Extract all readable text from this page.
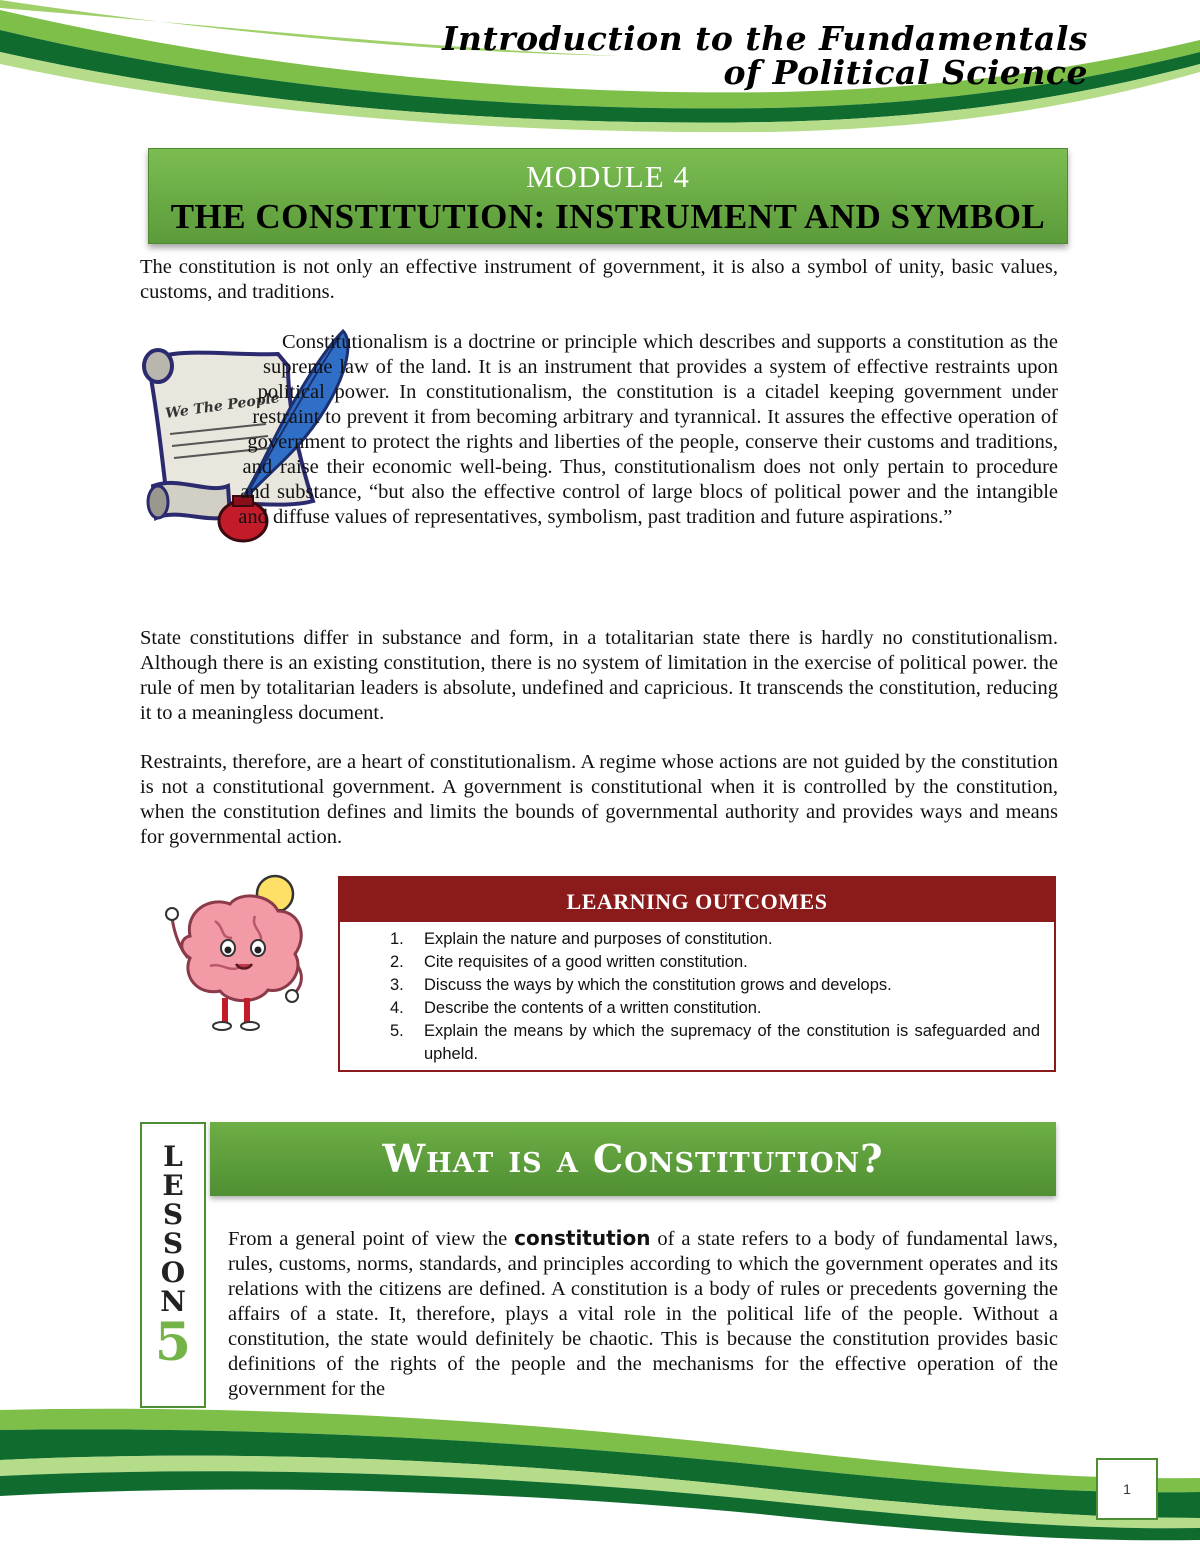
Introduction to the Fundamentals
of Political Science
MODULE 4
THE CONSTITUTION: INSTRUMENT AND SYMBOL
The constitution is not only an effective instrument of government, it is also a symbol of unity, basic values, customs, and traditions.
We The People
Constitutionalism is a doctrine or principle which describes and supports a constitution as the supreme law of the land. It is an instrument that provides a system of effective restraints upon political power. In constitutionalism, the constitution is a citadel keeping government under restraint to prevent it from becoming arbitrary and tyrannical. It assures the effective operation of government to protect the rights and liberties of the people, conserve their customs and traditions, and raise their economic well-being. Thus, constitutionalism does not only pertain to procedure and substance, “but also the effective control of large blocs of political power and the intangible and diffuse values of representatives, symbolism, past tradition and future aspirations.”
State constitutions differ in substance and form, in a totalitarian state there is hardly no constitutionalism. Although there is an existing constitution, there is no system of limitation in the exercise of political power. the rule of men by totalitarian leaders is absolute, undefined and capricious. It transcends the constitution, reducing it to a meaningless document.
Restraints, therefore, are a heart of constitutionalism. A regime whose actions are not guided by the constitution is not a constitutional government. A government is constitutional when it is controlled by the constitution, when the constitution defines and limits the bounds of governmental authority and provides ways and means for governmental action.
LEARNING OUTCOMES
1.	Explain the nature and purposes of constitution.
2.	Cite requisites of a good written constitution.
3.	Discuss the ways by which the constitution grows and develops.
4.	Describe the contents of a written constitution.
5.	Explain the means by which the supremacy of the constitution is safeguarded and upheld.
L
E
S
S
O
N
5
What is a Constitution?
From a general point of view the constitution of a state refers to a body of fundamental laws, rules, customs, norms, standards, and principles according to which the government operates and its relations with the citizens are defined. A constitution is a body of rules or precedents governing the affairs of a state. It, therefore, plays a vital role in the political life of the people. Without a constitution, the state would definitely be chaotic. This is because the constitution provides basic definitions of the rights of the people and the mechanisms for the effective operation of the government for the
1
